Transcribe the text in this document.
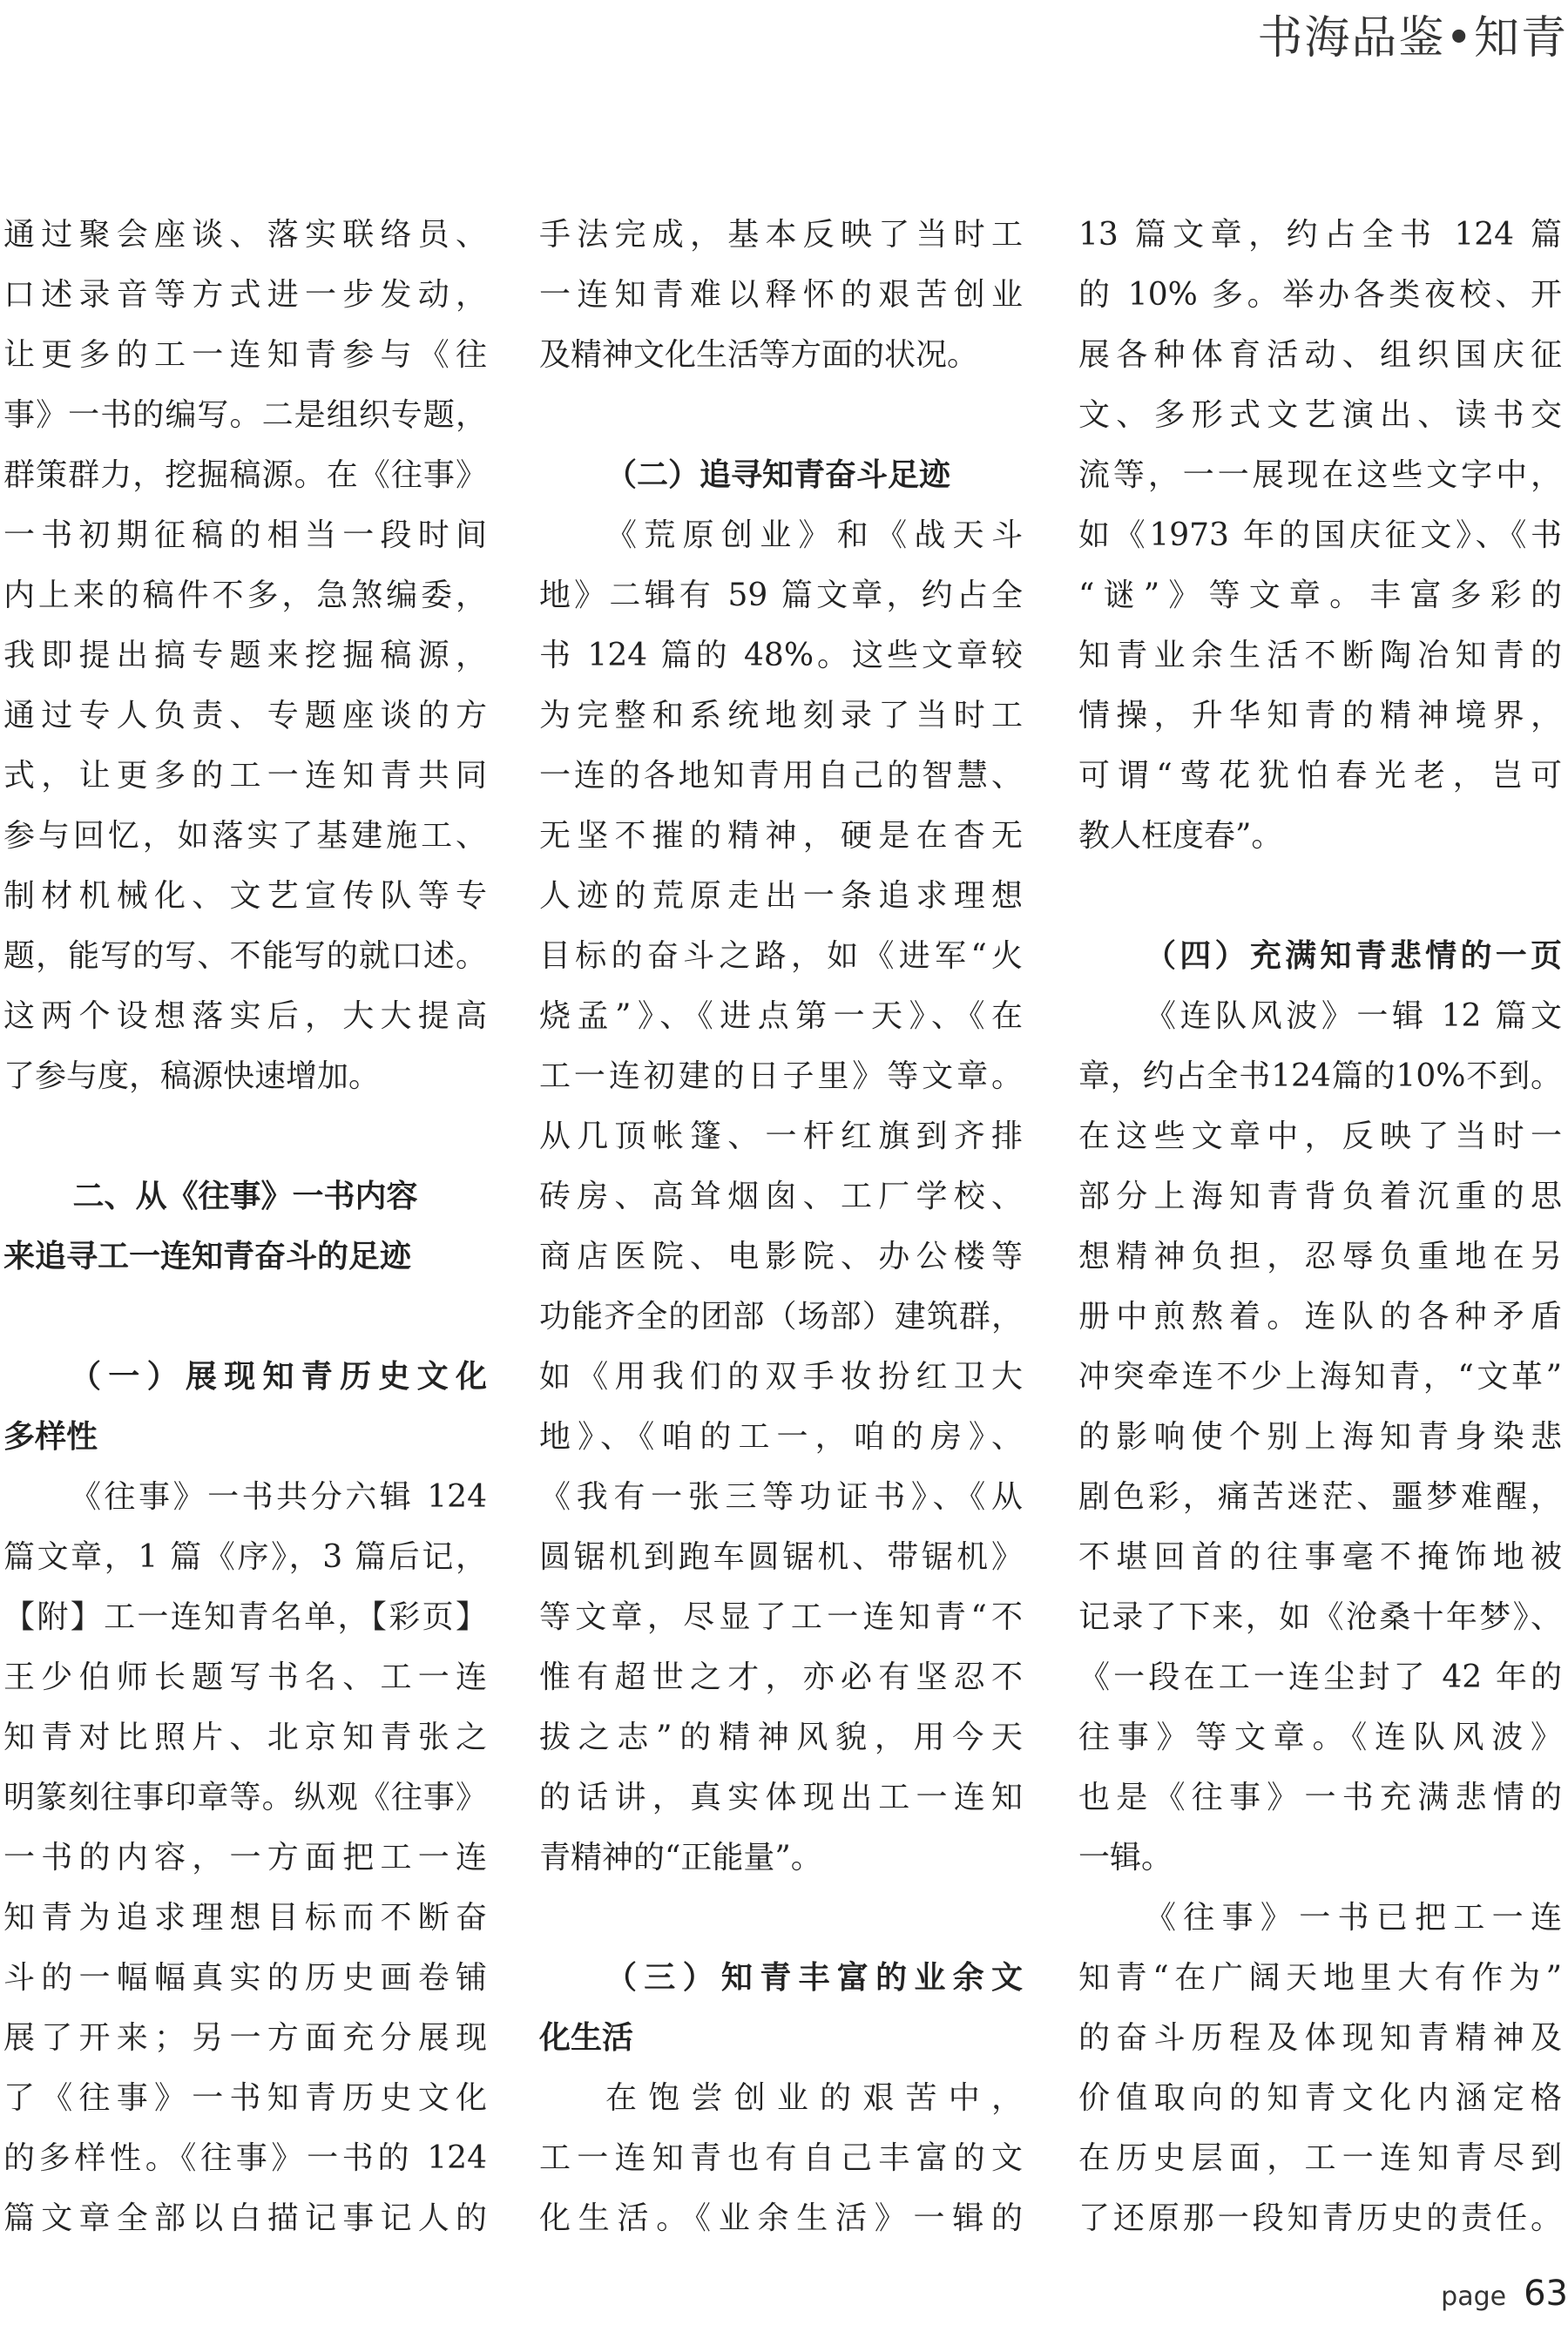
书海品鉴•知青
通过聚会座谈、落实联络员、
口述录音等方式进一步发动，
让更多的工一连知青参与《往
事》一书的编写。二是组织专题，
群策群力，挖掘稿源。在《往事》
一书初期征稿的相当一段时间
内上来的稿件不多，急煞编委，
我即提出搞专题来挖掘稿源，
通过专人负责、专题座谈的方
式，让更多的工一连知青共同
参与回忆，如落实了基建施工、
制材机械化、文艺宣传队等专
题，能写的写、不能写的就口述。
这两个设想落实后，大大提高
了参与度，稿源快速增加。
二、从《往事》一书内容
来追寻工一连知青奋斗的足迹
（一）展现知青历史文化
多样性
《往事》一书共分六辑 124
篇文章，1 篇《序》，3 篇后记，
【附】工一连知青名单，【彩页】
王少伯师长题写书名、工一连
知青对比照片、北京知青张之
明篆刻往事印章等。纵观《往事》
一书的内容，一方面把工一连
知青为追求理想目标而不断奋
斗的一幅幅真实的历史画卷铺
展了开来；另一方面充分展现
了《往事》一书知青历史文化
的多样性。《往事》一书的 124
篇文章全部以白描记事记人的
手法完成，基本反映了当时工
一连知青难以释怀的艰苦创业
及精神文化生活等方面的状况。
（二）追寻知青奋斗足迹
《荒原创业》和《战天斗
地》二辑有 59 篇文章，约占全
书 124 篇的 48%。这些文章较
为完整和系统地刻录了当时工
一连的各地知青用自己的智慧、
无坚不摧的精神，硬是在杳无
人迹的荒原走出一条追求理想
目标的奋斗之路，如《进军“火
烧孟”》、《进点第一天》、《在
工一连初建的日子里》等文章。
从几顶帐篷、一杆红旗到齐排
砖房、高耸烟囱、工厂学校、
商店医院、电影院、办公楼等
功能齐全的团部（场部）建筑群，
如《用我们的双手妆扮红卫大
地》、《咱的工一，咱的房》、
《我有一张三等功证书》、《从
圆锯机到跑车圆锯机、带锯机》
等文章，尽显了工一连知青“不
惟有超世之才，亦必有坚忍不
拔之志”的精神风貌，用今天
的话讲，真实体现出工一连知
青精神的“正能量”。
（三）知青丰富的业余文
化生活
在饱尝创业的艰苦中，
工一连知青也有自己丰富的文
化生活。《业余生活》一辑的
13 篇文章，约占全书 124 篇
的 10% 多。举办各类夜校、开
展各种体育活动、组织国庆征
文、多形式文艺演出、读书交
流等，一一展现在这些文字中，
如《1973 年的国庆征文》、《书
“谜”》等文章。丰富多彩的
知青业余生活不断陶冶知青的
情操，升华知青的精神境界，
可谓“莺花犹怕春光老，岂可
教人枉度春”。
（四）充满知青悲情的一页
《连队风波》一辑 12 篇文
章，约占全书124篇的10%不到。
在这些文章中，反映了当时一
部分上海知青背负着沉重的思
想精神负担，忍辱负重地在另
册中煎熬着。连队的各种矛盾
冲突牵连不少上海知青，“文革”
的影响使个别上海知青身染悲
剧色彩，痛苦迷茫、噩梦难醒，
不堪回首的往事毫不掩饰地被
记录了下来，如《沧桑十年梦》、
《一段在工一连尘封了 42 年的
往事》等文章。《连队风波》
也是《往事》一书充满悲情的
一辑。
《往事》一书已把工一连
知青“在广阔天地里大有作为”
的奋斗历程及体现知青精神及
价值取向的知青文化内涵定格
在历史层面，工一连知青尽到
了还原那一段知青历史的责任。
page 63
